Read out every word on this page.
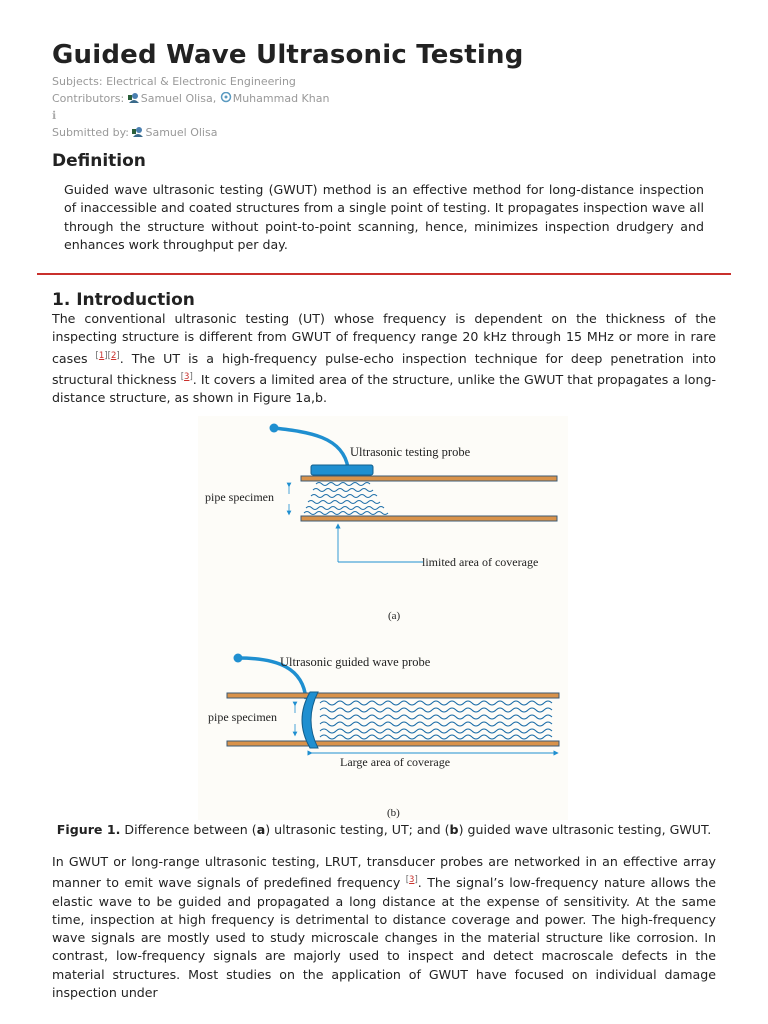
Guided Wave Ultrasonic Testing
Subjects: Electrical & Electronic Engineering
Contributors: Samuel Olisa, Muhammad Khan
ℹ
Submitted by: Samuel Olisa
Definition

Guided wave ultrasonic testing (GWUT) method is an effective method for long-distance inspection of inaccessible and coated structures from a single point of testing. It propagates inspection wave all through the structure without point-to-point scanning, hence, minimizes inspection drudgery and enhances work throughput per day.

1. Introduction

The conventional ultrasonic testing (UT) whose frequency is dependent on the thickness of the inspecting structure is different from GWUT of frequency range 20 kHz through 15 MHz or more in rare cases [1][2]. The UT is a high-frequency pulse-echo inspection technique for deep penetration into structural thickness [3]. It covers a limited area of the structure, unlike the GWUT that propagates a long-distance structure, as shown in Figure 1a,b.

pipe specimen
Ultrasonic testing probe
limited area of coverage
(a)
Ultrasonic guided wave probe
pipe specimen
Large area of coverage
(b)
Figure 1. Difference between (a) ultrasonic testing, UT; and (b) guided wave ultrasonic testing, GWUT.

In GWUT or long-range ultrasonic testing, LRUT, transducer probes are networked in an effective array manner to emit wave signals of predefined frequency [3]. The signal’s low-frequency nature allows the elastic wave to be guided and propagated a long distance at the expense of sensitivity. At the same time, inspection at high frequency is detrimental to distance coverage and power. The high-frequency wave signals are mostly used to study microscale changes in the material structure like corrosion. In contrast, low-frequency signals are majorly used to inspect and detect macroscale defects in the material structures. Most studies on the application of GWUT have focused on individual damage inspection under
